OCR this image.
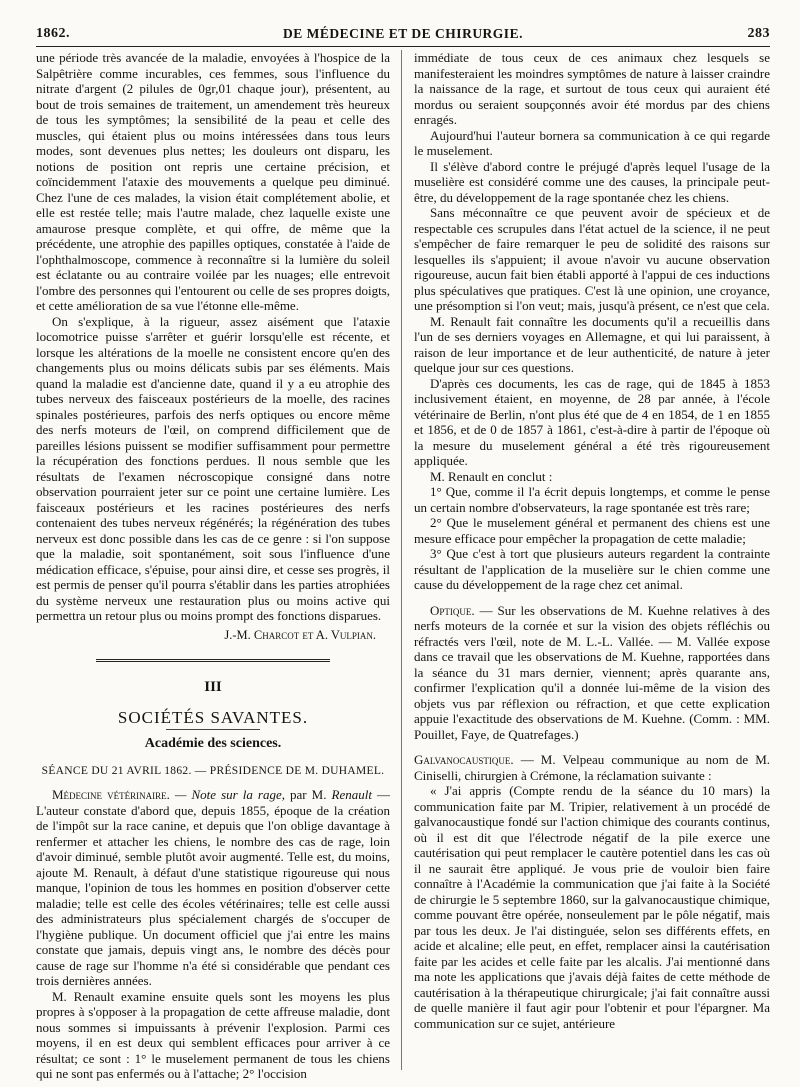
1862.	DE MÉDECINE ET DE CHIRURGIE.	283

une période très avancée de la maladie, envoyées à l'hospice de la Salpêtrière comme incurables, ces femmes, sous l'influence du nitrate d'argent (2 pilules de 0gr,01 chaque jour), présentent, au bout de trois semaines de traitement, un amendement très heureux de tous les symptômes; la sensibilité de la peau et celle des muscles, qui étaient plus ou moins intéressées dans tous leurs modes, sont devenues plus nettes; les douleurs ont disparu, les notions de position ont repris une certaine précision, et coïncidemment l'ataxie des mouvements a quelque peu diminué. Chez l'une de ces malades, la vision était complétement abolie, et elle est restée telle; mais l'autre malade, chez laquelle existe une amaurose presque complète, et qui offre, de même que la précédente, une atrophie des papilles optiques, constatée à l'aide de l'ophthalmoscope, commence à reconnaître si la lumière du soleil est éclatante ou au contraire voilée par les nuages; elle entrevoit l'ombre des personnes qui l'entourent ou celle de ses propres doigts, et cette amélioration de sa vue l'étonne elle-même.

On s'explique, à la rigueur, assez aisément que l'ataxie locomotrice puisse s'arrêter et guérir lorsqu'elle est récente, et lorsque les altérations de la moelle ne consistent encore qu'en des changements plus ou moins délicats subis par ses éléments. Mais quand la maladie est d'ancienne date, quand il y a eu atrophie des tubes nerveux des faisceaux postérieurs de la moelle, des racines spinales postérieures, parfois des nerfs optiques ou encore même des nerfs moteurs de l'œil, on comprend difficilement que de pareilles lésions puissent se modifier suffisamment pour permettre la récupération des fonctions perdues. Il nous semble que les résultats de l'examen nécroscopique consigné dans notre observation pourraient jeter sur ce point une certaine lumière. Les faisceaux postérieurs et les racines postérieures des nerfs contenaient des tubes nerveux régénérés; la régénération des tubes nerveux est donc possible dans les cas de ce genre : si l'on suppose que la maladie, soit spontanément, soit sous l'influence d'une médication efficace, s'épuise, pour ainsi dire, et cesse ses progrès, il est permis de penser qu'il pourra s'établir dans les parties atrophiées du système nerveux une restauration plus ou moins active qui permettra un retour plus ou moins prompt des fonctions disparues.

J.-M. Charcot et A. Vulpian.
III
SOCIÉTÉS SAVANTES.
Académie des sciences.
SÉANCE DU 21 AVRIL 1862. — PRÉSIDENCE DE M. DUHAMEL.

Médecine vétérinaire. — Note sur la rage, par M. Renault — L'auteur constate d'abord que, depuis 1855, époque de la création de l'impôt sur la race canine, et depuis que l'on oblige davantage à renfermer et attacher les chiens, le nombre des cas de rage, loin d'avoir diminué, semble plutôt avoir augmenté. Telle est, du moins, ajoute M. Renault, à défaut d'une statistique rigoureuse qui nous manque, l'opinion de tous les hommes en position d'observer cette maladie; telle est celle des écoles vétérinaires; telle est celle aussi des administrateurs plus spécialement chargés de s'occuper de l'hygiène publique. Un document officiel que j'ai entre les mains constate que jamais, depuis vingt ans, le nombre des décès pour cause de rage sur l'homme n'a été si considérable que pendant ces trois dernières années.

M. Renault examine ensuite quels sont les moyens les plus propres à s'opposer à la propagation de cette affreuse maladie, dont nous sommes si impuissants à prévenir l'explosion. Parmi ces moyens, il en est deux qui semblent efficaces pour arriver à ce résultat; ce sont : 1° le muselement permanent de tous les chiens qui ne sont pas enfermés ou à l'attache; 2° l'occision

immédiate de tous ceux de ces animaux chez lesquels se manifesteraient les moindres symptômes de nature à laisser craindre la naissance de la rage, et surtout de tous ceux qui auraient été mordus ou seraient soupçonnés avoir été mordus par des chiens enragés.

Aujourd'hui l'auteur bornera sa communication à ce qui regarde le muselement.

Il s'élève d'abord contre le préjugé d'après lequel l'usage de la muselière est considéré comme une des causes, la principale peut-être, du développement de la rage spontanée chez les chiens.

Sans méconnaître ce que peuvent avoir de spécieux et de respectable ces scrupules dans l'état actuel de la science, il ne peut s'empêcher de faire remarquer le peu de solidité des raisons sur lesquelles ils s'appuient; il avoue n'avoir vu aucune observation rigoureuse, aucun fait bien établi apporté à l'appui de ces inductions plus spéculatives que pratiques. C'est là une opinion, une croyance, une présomption si l'on veut; mais, jusqu'à présent, ce n'est que cela.

M. Renault fait connaître les documents qu'il a recueillis dans l'un de ses derniers voyages en Allemagne, et qui lui paraissent, à raison de leur importance et de leur authenticité, de nature à jeter quelque jour sur ces questions.

D'après ces documents, les cas de rage, qui de 1845 à 1853 inclusivement étaient, en moyenne, de 28 par année, à l'école vétérinaire de Berlin, n'ont plus été que de 4 en 1854, de 1 en 1855 et 1856, et de 0 de 1857 à 1861, c'est-à-dire à partir de l'époque où la mesure du muselement général a été très rigoureusement appliquée.

M. Renault en conclut :

1° Que, comme il l'a écrit depuis longtemps, et comme le pense un certain nombre d'observateurs, la rage spontanée est très rare;

2° Que le muselement général et permanent des chiens est une mesure efficace pour empêcher la propagation de cette maladie;

3° Que c'est à tort que plusieurs auteurs regardent la contrainte résultant de l'application de la muselière sur le chien comme une cause du développement de la rage chez cet animal.

Optique. — Sur les observations de M. Kuehne relatives à des nerfs moteurs de la cornée et sur la vision des objets réfléchis ou réfractés vers l'œil, note de M. L.-L. Vallée. — M. Vallée expose dans ce travail que les observations de M. Kuehne, rapportées dans la séance du 31 mars dernier, viennent; après quarante ans, confirmer l'explication qu'il a donnée lui-même de la vision des objets vus par réflexion ou réfraction, et que cette explication appuie l'exactitude des observations de M. Kuehne. (Comm. : MM. Pouillet, Faye, de Quatrefages.)

Galvanocaustique. — M. Velpeau communique au nom de M. Ciniselli, chirurgien à Crémone, la réclamation suivante :

« J'ai appris (Compte rendu de la séance du 10 mars) la communication faite par M. Tripier, relativement à un procédé de galvanocaustique fondé sur l'action chimique des courants continus, où il est dit que l'électrode négatif de la pile exerce une cautérisation qui peut remplacer le cautère potentiel dans les cas où il ne saurait être appliqué. Je vous prie de vouloir bien faire connaître à l'Académie la communication que j'ai faite à la Société de chirurgie le 5 septembre 1860, sur la galvanocaustique chimique, comme pouvant être opérée, nonseulement par le pôle négatif, mais par tous les deux. Je l'ai distinguée, selon ses différents effets, en acide et alcaline; elle peut, en effet, remplacer ainsi la cautérisation faite par les acides et celle faite par les alcalis. J'ai mentionné dans ma note les applications que j'avais déjà faites de cette méthode de cautérisation à la thérapeutique chirurgicale; j'ai fait connaître aussi de quelle manière il faut agir pour l'obtenir et pour l'épargner. Ma communication sur ce sujet, antérieure
